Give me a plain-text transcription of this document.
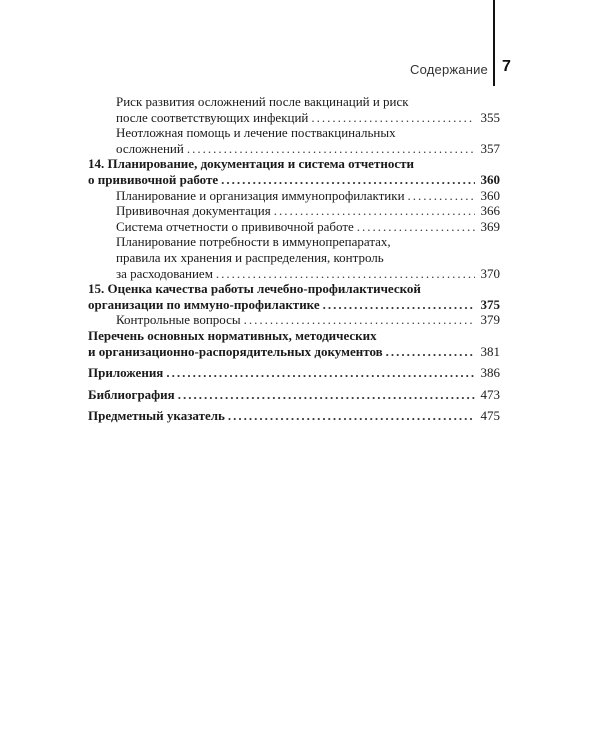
Содержание 7
Риск развития осложнений после вакцинаций и риск
после соответствующих инфекций .....	355
Неотложная помощь и лечение поствакцинальных
осложнений .....	357
14. Планирование, документация и система отчетности
о прививочной работе .....	360
Планирование и организация иммунопрофилактики .....	360
Прививочная документация .....	366
Система отчетности о прививочной работе .....	369
Планирование потребности в иммунопрепаратах,
правила их хранения и распределения, контроль
за расходованием .....	370
15. Оценка качества работы лечебно-профилактической
организации по иммуно-профилактике .....	375
Контрольные вопросы .....	379
Перечень основных нормативных, методических
и организационно-распорядительных документов .....	381
Приложения .....	386
Библиография .....	473
Предметный указатель .....	475
